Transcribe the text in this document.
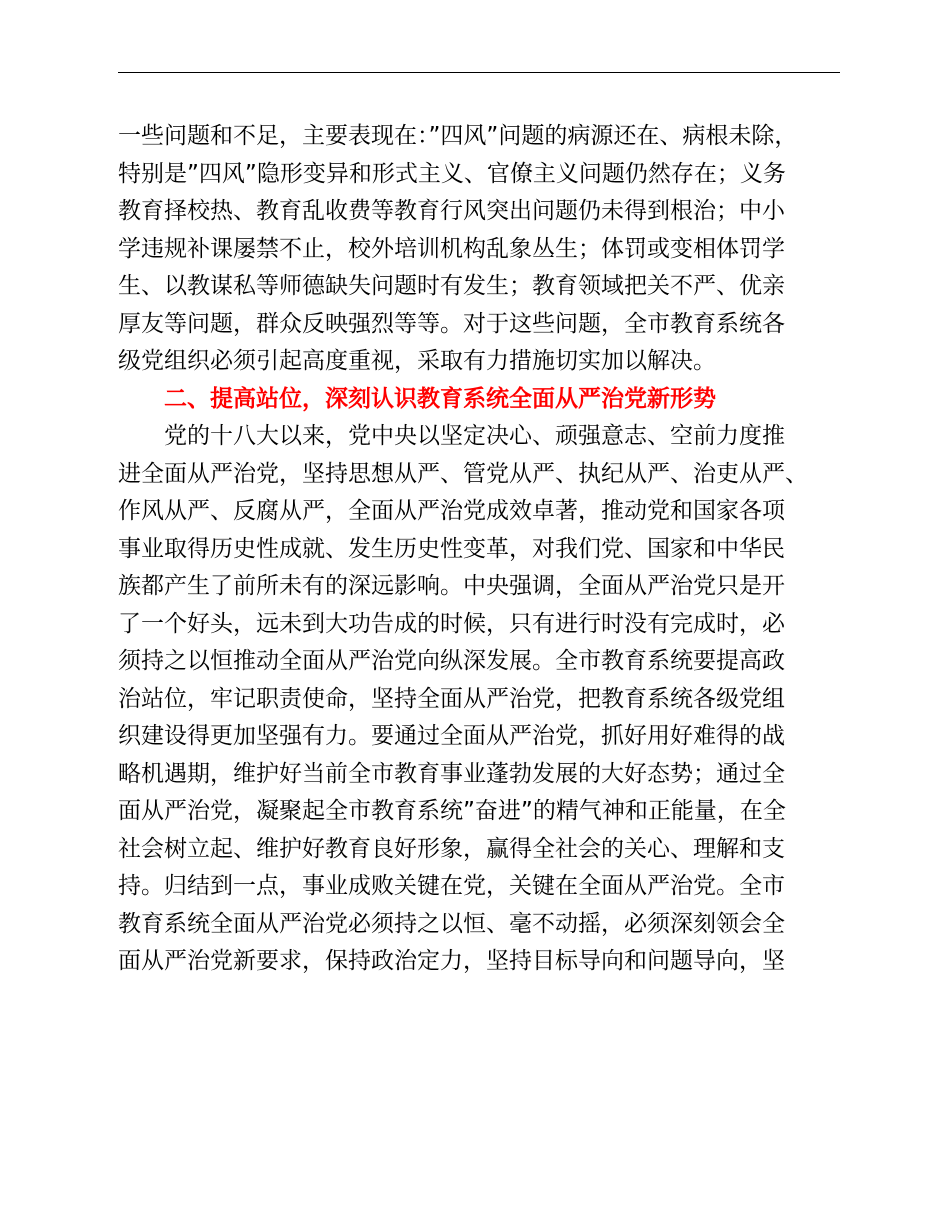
一些问题和不足，主要表现在：”四风”问题的病源还在、病根未除，
特别是”四风”隐形变异和形式主义、官僚主义问题仍然存在；义务
教育择校热、教育乱收费等教育行风突出问题仍未得到根治；中小
学违规补课屡禁不止，校外培训机构乱象丛生；体罚或变相体罚学
生、以教谋私等师德缺失问题时有发生；教育领域把关不严、优亲
厚友等问题，群众反映强烈等等。对于这些问题，全市教育系统各
级党组织必须引起高度重视，采取有力措施切实加以解决。
二、提高站位，深刻认识教育系统全面从严治党新形势
党的十八大以来，党中央以坚定决心、顽强意志、空前力度推
进全面从严治党，坚持思想从严、管党从严、执纪从严、治吏从严、
作风从严、反腐从严，全面从严治党成效卓著，推动党和国家各项
事业取得历史性成就、发生历史性变革，对我们党、国家和中华民
族都产生了前所未有的深远影响。中央强调，全面从严治党只是开
了一个好头，远未到大功告成的时候，只有进行时没有完成时，必
须持之以恒推动全面从严治党向纵深发展。全市教育系统要提高政
治站位，牢记职责使命，坚持全面从严治党，把教育系统各级党组
织建设得更加坚强有力。要通过全面从严治党，抓好用好难得的战
略机遇期，维护好当前全市教育事业蓬勃发展的大好态势；通过全
面从严治党，凝聚起全市教育系统”奋进”的精气神和正能量，在全
社会树立起、维护好教育良好形象，赢得全社会的关心、理解和支
持。归结到一点，事业成败关键在党，关键在全面从严治党。全市
教育系统全面从严治党必须持之以恒、毫不动摇，必须深刻领会全
面从严治党新要求，保持政治定力，坚持目标导向和问题导向，坚
